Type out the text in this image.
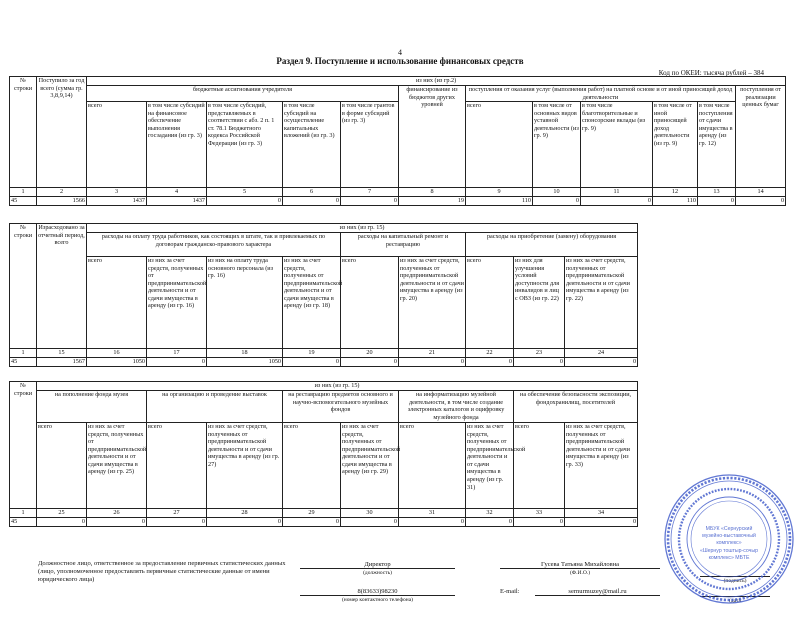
4
Раздел 9. Поступление и использование финансовых средств
Код по ОКЕИ: тысяча рублей – 384
№ строки	Поступило за год всего (сумма гр. 3,8,9,14)	из них (из гр.2)											
		бюджетные ассигнования учредителя					финансирование из бюджетов других уровней	поступления от оказания услуг (выполнения работ) на платной основе и от иной приносящей доход деятельности					поступления от реализации ценных бумаг
		всего	в том числе субсидий на финансовое обеспечение выполнения госзадания (из гр. 3)	в том числе субсидий, представляемых в соответствии с абз. 2 п. 1 ст. 78.1 Бюджетного кодекса Российской Федерации (из гр. 3)	в том числе субсидий на осуществление капитальных вложений (из гр. 3)	в том числе грантов в форме субсидий (из гр. 3)		всего	в том числе от основных видов уставной деятельности (из гр. 9)	в том числе благотворительные и спонсорские вклады (из гр. 9)	в том числе от иной приносящей доход деятельности (из гр. 9)	в том числе поступления от сдачи имущества в аренду (из гр. 12)	
1	2	3	4	5	6	7	8	9	10	11	12	13	14
45	1566	1437	1437	0	0	0	19	110	0	0	110	0	0
№ строки	Израсходовано за отчетный период, всего	из них (из гр. 15)								
		расходы на оплату труда работников, как состоящих в штате, так и привлекаемых по договорам гражданско-правового характера				расходы на капитальный ремонт и реставрацию		расходы на приобретение (замену) оборудования		
		всего	из них за счет средств, полученных от предпринимательской деятельности и от сдачи имущества в аренду (из гр. 16)	из них на оплату труда основного персонала (из гр. 16)	из них за счет средств, полученных от предпринимательской деятельности и от сдачи имущества в аренду (из гр. 18)	всего	из них за счет средств, полученных от предпринимательской деятельности и от сдачи имущества в аренду (из гр. 20)	всего	из них для улучшения условий доступности для инвалидов и лиц с ОВЗ (из гр. 22)	из них за счет средств, полученных от предпринимательской деятельности и от сдачи имущества в аренду (из гр. 22)
1	15	16	17	18	19	20	21	22	23	24
45	1567	1050	0	1050	0	0	0	0	0	0
№ строки	из них (из гр. 15)									
	на пополнение фонда музея		на организацию и проведение выставок		на реставрацию предметов основного и научно-вспомогательного музейных фондов		на информатизацию музейной деятельности, в том числе создание электронных каталогов и оцифровку музейного фонда		на обеспечение безопасности экспозиции, фондохранилищ, посетителей	
	всего	из них за счет средств, полученных от предпринимательской деятельности и от сдачи имущества в аренду (из гр. 25)	всего	из них за счет средств, полученных от предпринимательской деятельности и от сдачи имущества в аренду (из гр. 27)	всего	из них за счет средств, полученных от предпринимательской деятельности и от сдачи имущества в аренду (из гр. 29)	всего	из них за счет средств, полученных от предпринимательской деятельности и от сдачи имущества в аренду (из гр. 31)	всего	из них за счет средств, полученных от предпринимательской деятельности и от сдачи имущества в аренду (из гр. 33)
1	25	26	27	28	29	30	31	32	33	34
45	0	0	0	0	0	0	0	0	0	0
Должностное лицо, ответственное за предоставление первичных статистических данных (лицо, уполномоченное предоставлять первичные статистические данные от имени юридического лица)
Директор
(должность)
Гусева Татьяна Михайловна
(Ф.И.О.)
(подпись)
8(83633)98230
(номер контактного телефона)
E-mail:	sernurmuzey@mail.ru
(дата
МБУК «Сернурский
музейно-выставочный
комплекс»
«Шернур тоштыр-сочыр
комплекс» МБТЕ
